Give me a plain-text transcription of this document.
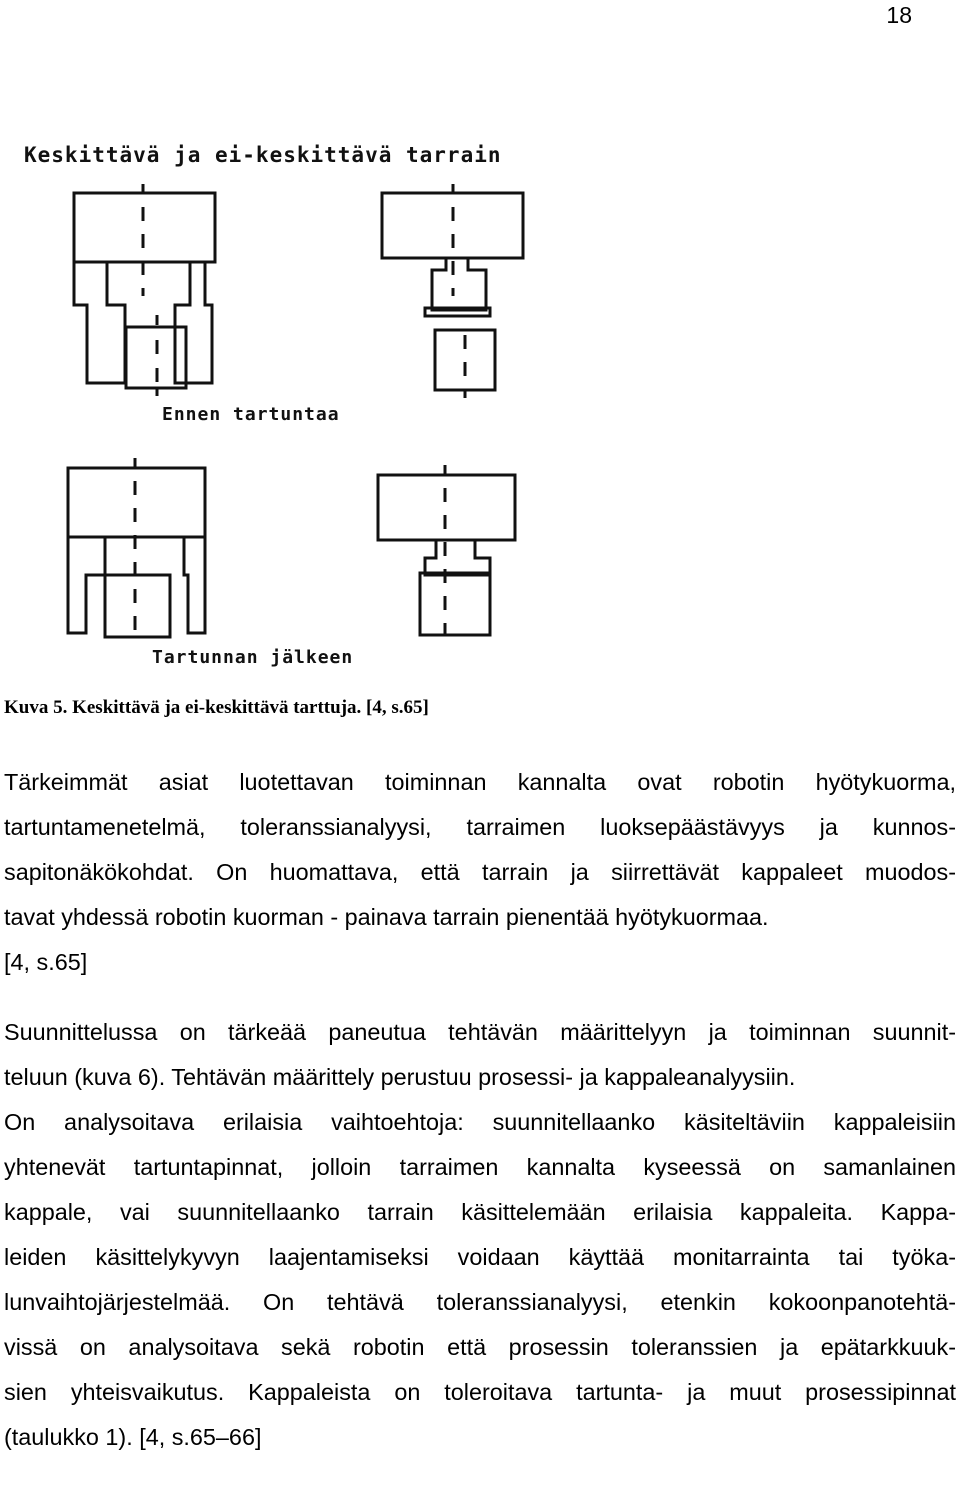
18
Keskittävä ja ei-keskittävä tarrain
Ennen tartuntaa
Tartunnan jälkeen
Kuva 5. Keskittävä ja ei-keskittävä tarttuja. [4, s.65]
Tärkeimmät asiat luotettavan toiminnan kannalta ovat robotin hyötykuorma,
tartuntamenetelmä, toleranssianalyysi, tarraimen luoksepäästävyys ja kunnos-
sapitonäkökohdat. On huomattava, että tarrain ja siirrettävät kappaleet muodos-
tavat yhdessä robotin kuorman - painava tarrain pienentää hyötykuormaa.
[4, s.65]
Suunnittelussa on tärkeää paneutua tehtävän määrittelyyn ja toiminnan suunnit-
teluun (kuva 6). Tehtävän määrittely perustuu prosessi- ja kappaleanalyysiin.
On analysoitava erilaisia vaihtoehtoja: suunnitellaanko käsiteltäviin kappaleisiin
yhtenevät tartuntapinnat, jolloin tarraimen kannalta kyseessä on samanlainen
kappale, vai suunnitellaanko tarrain käsittelemään erilaisia kappaleita. Kappa-
leiden käsittelykyvyn laajentamiseksi voidaan käyttää monitarrainta tai työka-
lunvaihtojärjestelmää. On tehtävä toleranssianalyysi, etenkin kokoonpanotehtä-
vissä on analysoitava sekä robotin että prosessin toleranssien ja epätarkkuuk-
sien yhteisvaikutus. Kappaleista on toleroitava tartunta- ja muut prosessipinnat
(taulukko 1). [4, s.65–66]
